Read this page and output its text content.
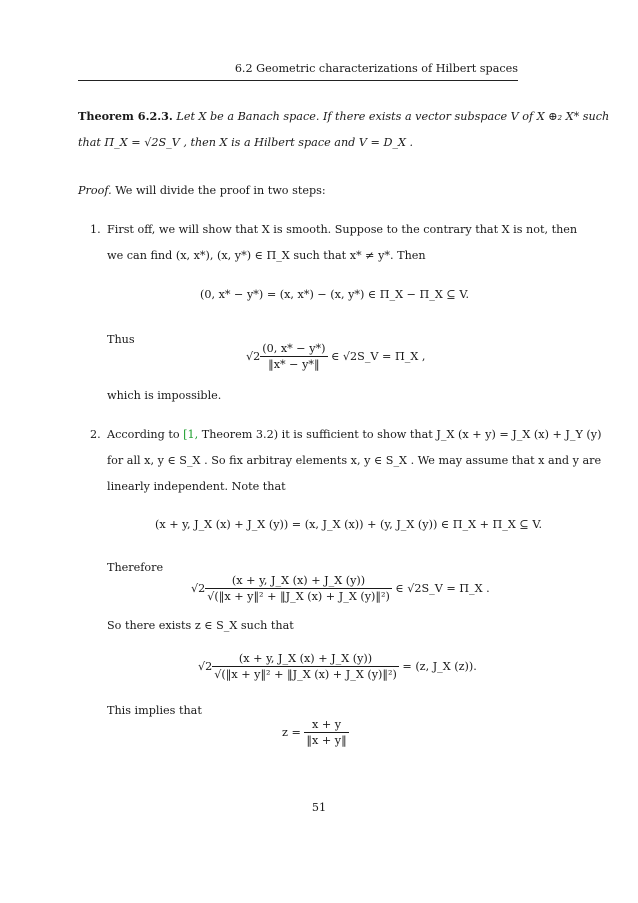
6.2 Geometric characterizations of Hilbert spaces
Theorem 6.2.3. Let X be a Banach space. If there exists a vector subspace V of X ⊕₂ X* such
that Π_X = √2S_V , then X is a Hilbert space and V = D_X .
Proof. We will divide the proof in two steps:
1. First off, we will show that X is smooth. Suppose to the contrary that X is not, then
we can find (x, x*), (x, y*) ∈ Π_X such that x* ≠ y*. Then
(0, x* − y*) = (x, x*) − (x, y*) ∈ Π_X − Π_X ⊆ V.
Thus
$√2 \frac{(0, x* - y*)}{‖x* - y*‖}$ ∈ √2S_V = Π_X ,
which is impossible.
2. According to [1, Theorem 3.2) it is sufficient to show that J_X (x + y) = J_X (x) + J_Y (y)
for all x, y ∈ S_X . So fix arbitray elements x, y ∈ S_X . We may assume that x and y are
linearly independent. Note that
(x + y, J_X (x) + J_X (y)) = (x, J_X (x)) + (y, J_X (y)) ∈ Π_X + Π_X ⊆ V.
Therefore
$√2 \frac{(x + y, J\_X (x) + J\_X (y))}{\text{√(‖x + y‖² + ‖J\_X (x) + J\_X (y)‖²)}}$ ∈ √2S_V = Π_X .
So there exists z ∈ S_X such that
$√2 \frac{(x + y, J\_X (x) + J\_X (y))}{\text{√(‖x + y‖² + ‖J\_X (x) + J\_X (y)‖²)}} = (z$, J_X (z)).
This implies that
$z = \frac{x + y}{‖x + y‖}$
51
